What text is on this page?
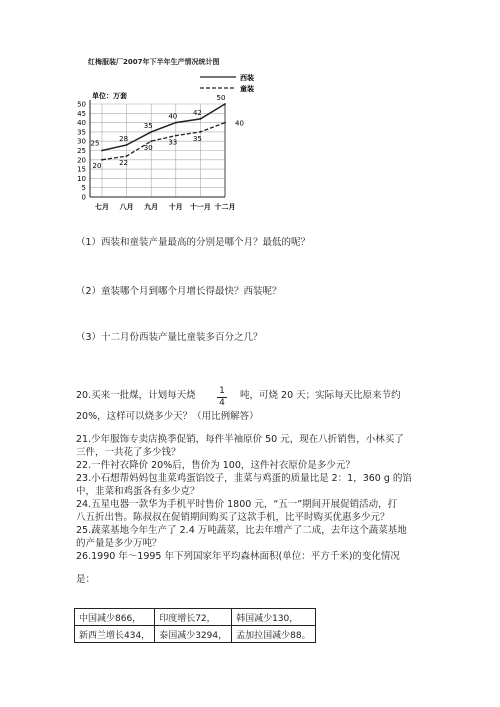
红梅服装厂2007年下半年生产情况统计图
单位：万套
0
5
10
15
20
25
30
35
40
45
50
七月 八月 九月 十月 十一月 十二月
25
28
35
40 42
50
20	22
30
33 35
40
西装
童装
（1）西装和童装产量最高的分别是哪个月？最低的呢？
（2）童装哪个月到哪个月增长得最快？西装呢？
（3）十二月份西装产量比童装多百分之几？
20.买来一批煤，计划每天烧 $\frac{1}{4}$ 吨，可烧 20 天；实际每天比原来节约
20%，这样可以烧多少天？（用比例解答）
21.少年服饰专卖店换季促销，每件半袖原价 50 元，现在八折销售，小林买了
三件，一共花了多少钱？
22.一件衬衣降价 20%后，售价为 100，这件衬衣原价是多少元？
23.小石想帮妈妈包韭菜鸡蛋馅饺子，韭菜与鸡蛋的质量比是 2：1，360 g 的馅
中，韭菜和鸡蛋各有多少克？
24.五星电器一款华为手机平时售价 1800 元，“五一”期间开展促销活动，打
八五折出售。陈叔叔在促销期间购买了这款手机，比平时购买优惠多少元？
25.蔬菜基地今年生产了 2.4 万吨蔬菜，比去年增产了二成，去年这个蔬菜基地
的产量是多少万吨？
26.1990 年～1995 年下列国家年平均森林面积(单位：平方千米)的变化情况
是：
中国减少866，	印度增长72，	韩国减少130，
新西兰增长434，	泰国减少3294，	孟加拉国减少88。
